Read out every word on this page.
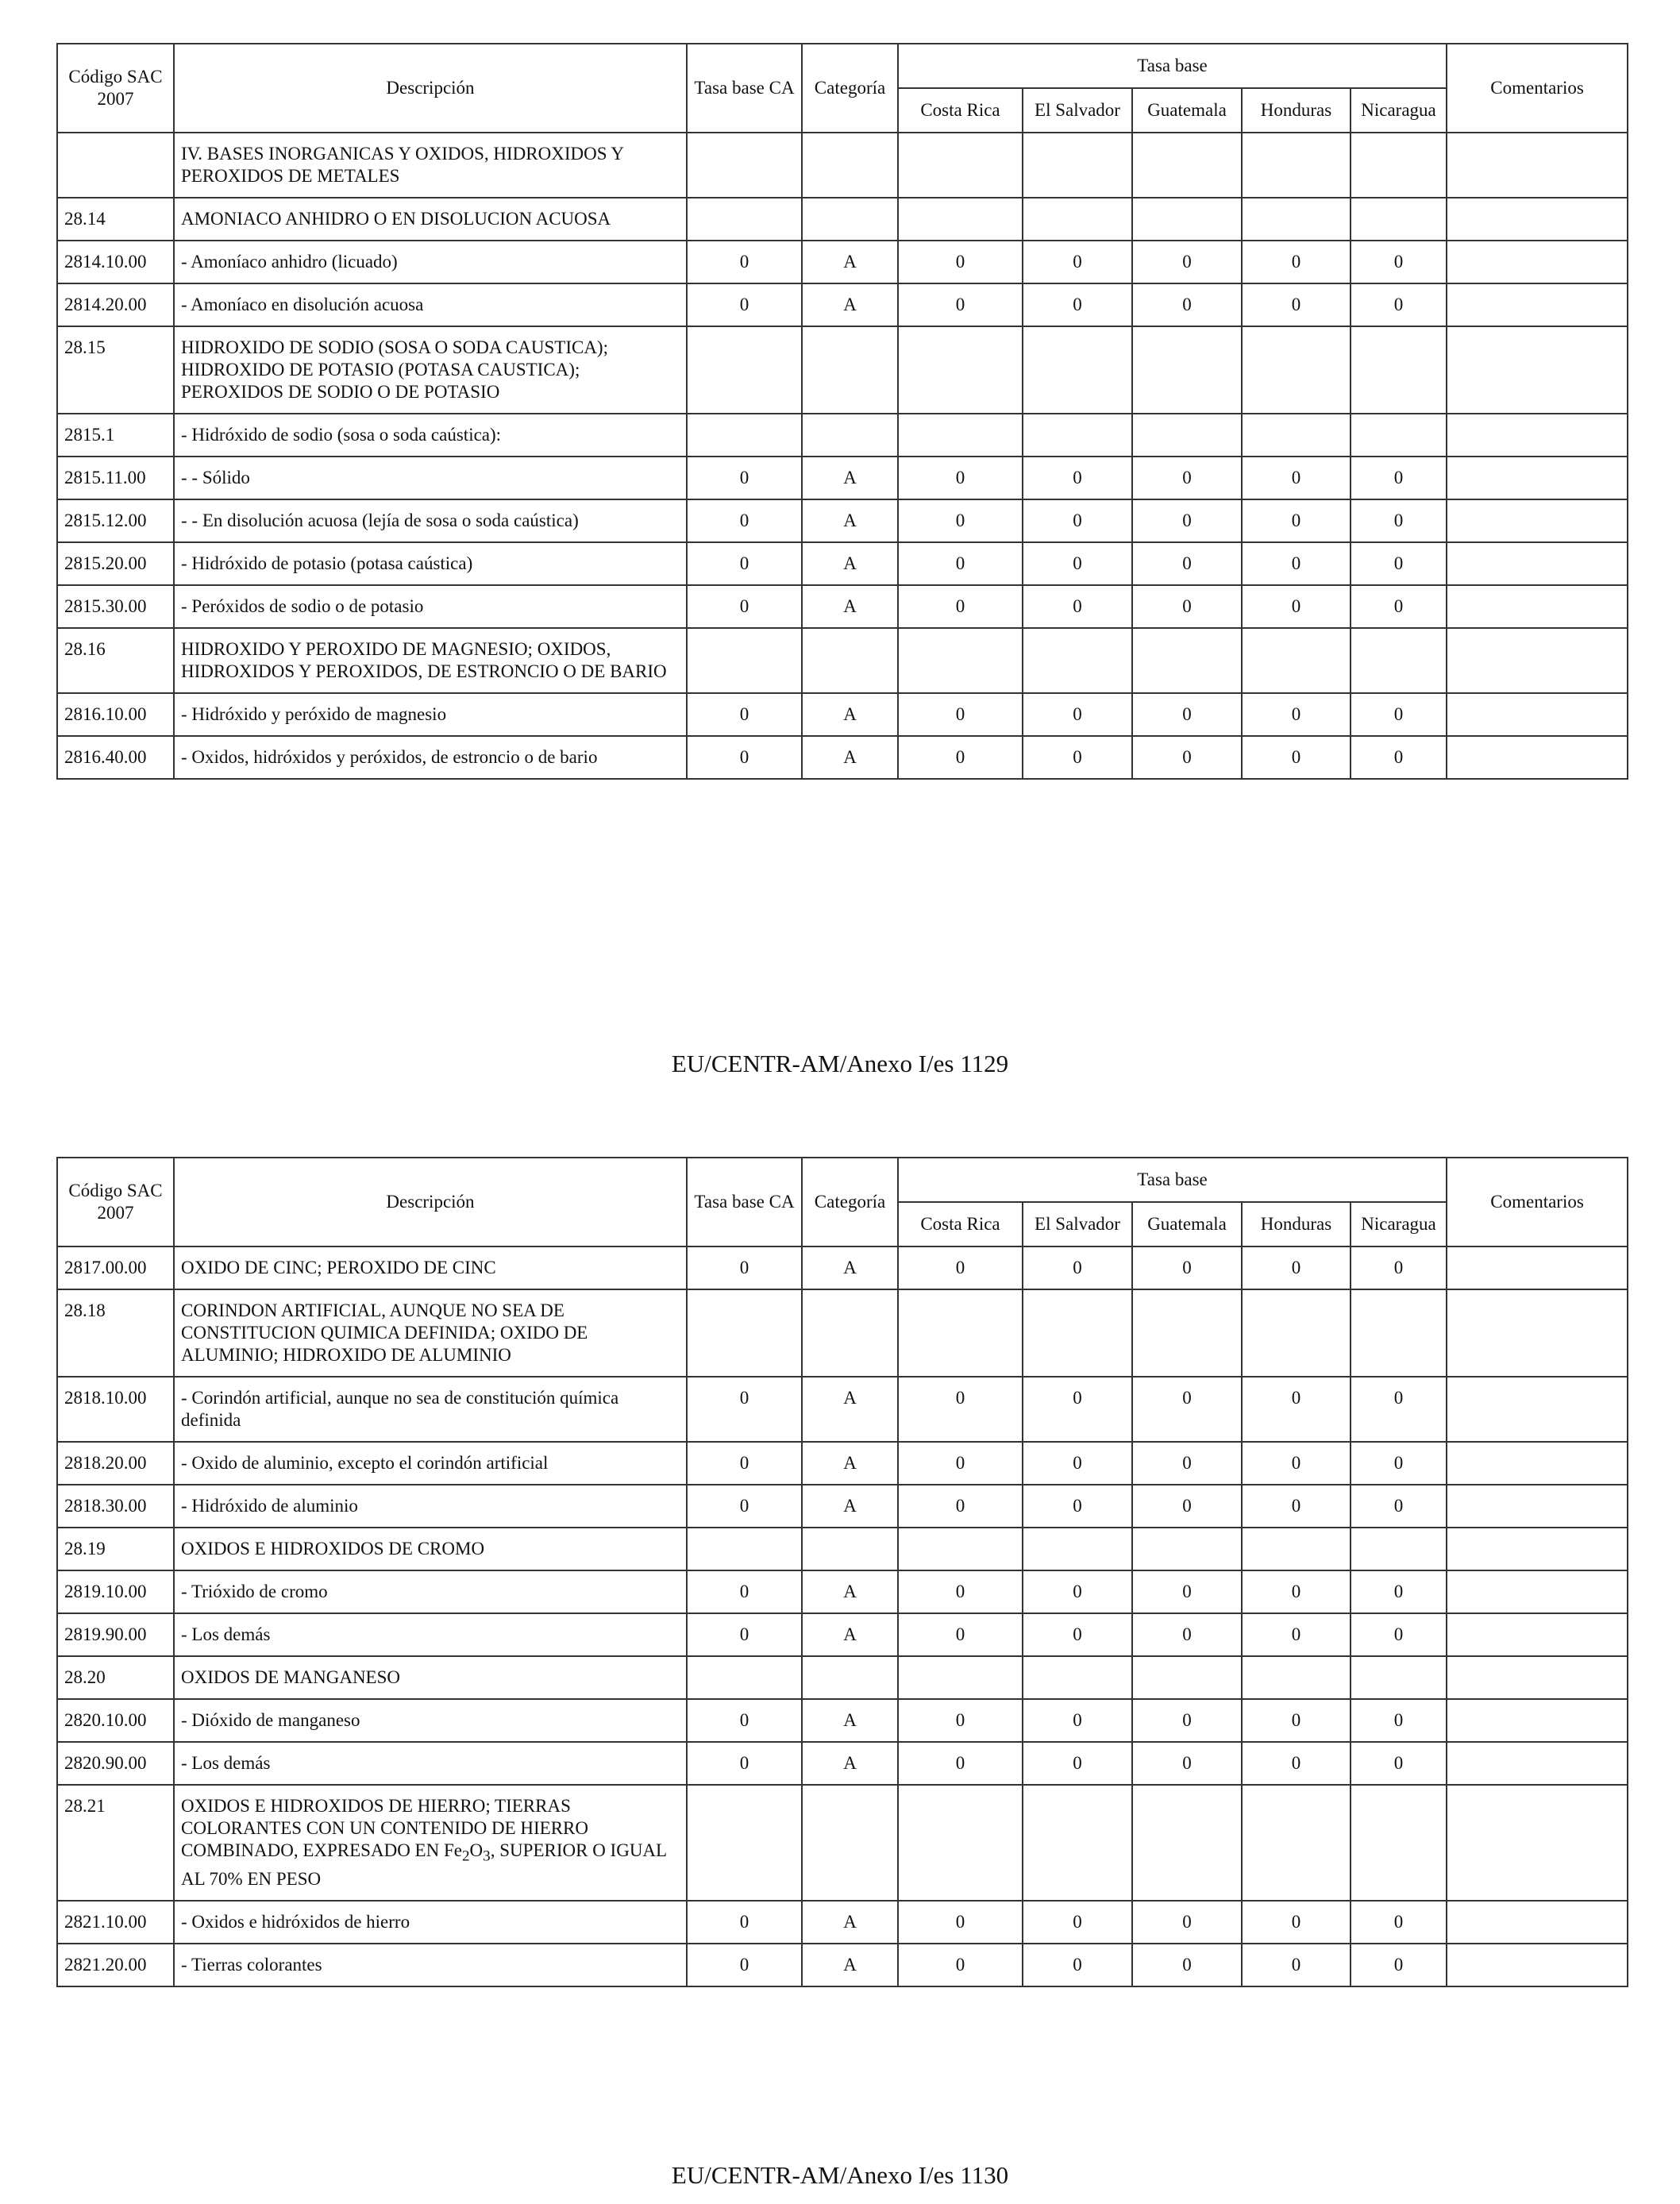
Código SAC 2007	Descripción	Tasa base CA	Categoría	Tasa base					Comentarios
				Costa Rica	El Salvador	Guatemala	Honduras	Nicaragua	
	IV. BASES INORGANICAS Y OXIDOS, HIDROXIDOS Y PEROXIDOS DE METALES								
28.14	AMONIACO ANHIDRO O EN DISOLUCION ACUOSA								
2814.10.00	- Amoníaco anhidro (licuado)	0	A	0	0	0	0	0	
2814.20.00	- Amoníaco en disolución acuosa	0	A	0	0	0	0	0	
28.15	HIDROXIDO DE SODIO (SOSA O SODA CAUSTICA); HIDROXIDO DE POTASIO (POTASA CAUSTICA); PEROXIDOS DE SODIO O DE POTASIO								
2815.1	- Hidróxido de sodio (sosa o soda caústica):								
2815.11.00	- - Sólido	0	A	0	0	0	0	0	
2815.12.00	- - En disolución acuosa (lejía de sosa o soda caústica)	0	A	0	0	0	0	0	
2815.20.00	- Hidróxido de potasio (potasa caústica)	0	A	0	0	0	0	0	
2815.30.00	- Peróxidos de sodio o de potasio	0	A	0	0	0	0	0	
28.16	HIDROXIDO Y PEROXIDO DE MAGNESIO; OXIDOS, HIDROXIDOS Y PEROXIDOS, DE ESTRONCIO O DE BARIO								
2816.10.00	- Hidróxido y peróxido de magnesio	0	A	0	0	0	0	0	
2816.40.00	- Oxidos, hidróxidos y peróxidos, de estroncio o de bario	0	A	0	0	0	0	0	
EU/CENTR-AM/Anexo I/es 1129
Código SAC 2007	Descripción	Tasa base CA	Categoría	Tasa base					Comentarios
				Costa Rica	El Salvador	Guatemala	Honduras	Nicaragua	
2817.00.00	OXIDO DE CINC; PEROXIDO DE CINC	0	A	0	0	0	0	0	
28.18	CORINDON ARTIFICIAL, AUNQUE NO SEA DE CONSTITUCION QUIMICA DEFINIDA; OXIDO DE ALUMINIO; HIDROXIDO DE ALUMINIO								
2818.10.00	- Corindón artificial, aunque no sea de constitución química definida	0	A	0	0	0	0	0	
2818.20.00	- Oxido de aluminio, excepto el corindón artificial	0	A	0	0	0	0	0	
2818.30.00	- Hidróxido de aluminio	0	A	0	0	0	0	0	
28.19	OXIDOS E HIDROXIDOS DE CROMO								
2819.10.00	- Trióxido de cromo	0	A	0	0	0	0	0	
2819.90.00	- Los demás	0	A	0	0	0	0	0	
28.20	OXIDOS DE MANGANESO								
2820.10.00	- Dióxido de manganeso	0	A	0	0	0	0	0	
2820.90.00	- Los demás	0	A	0	0	0	0	0	
28.21	OXIDOS E HIDROXIDOS DE HIERRO; TIERRAS COLORANTES CON UN CONTENIDO DE HIERRO COMBINADO, EXPRESADO EN $Fe_2O_3$, SUPERIOR O IGUAL AL 70% EN PESO								
2821.10.00	- Oxidos e hidróxidos de hierro	0	A	0	0	0	0	0	
2821.20.00	- Tierras colorantes	0	A	0	0	0	0	0	
EU/CENTR-AM/Anexo I/es 1130
